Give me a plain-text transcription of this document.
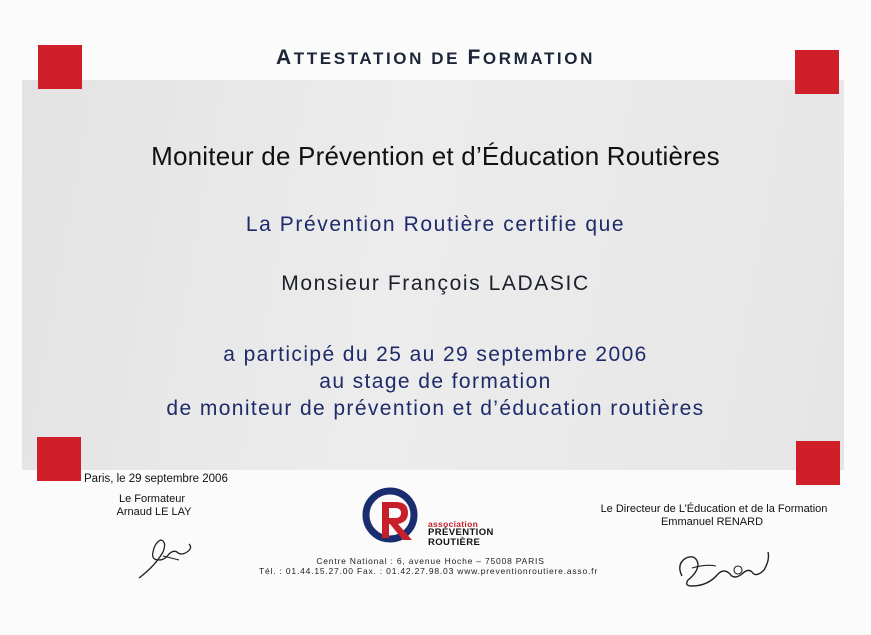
ATTESTATION DE FORMATION
Moniteur de Prévention et d’Éducation Routières
La Prévention Routière certifie que
Monsieur François LADASIC
a participé du 25 au 29 septembre 2006
au stage de formation
de moniteur de prévention et d’éducation routières
Paris, le 29 septembre 2006
Le Formateur
Arnaud LE LAY	Le Directeur de L’Éducation et de la Formation
Emmanuel RENARD
association
PRÉVENTION
ROUTIÈRE
Centre National : 6, avenue Hoche – 75008 PARIS
Tél. : 01.44.15.27.00 Fax. : 01.42.27.98.03 www.preventionroutiere.asso.fr
